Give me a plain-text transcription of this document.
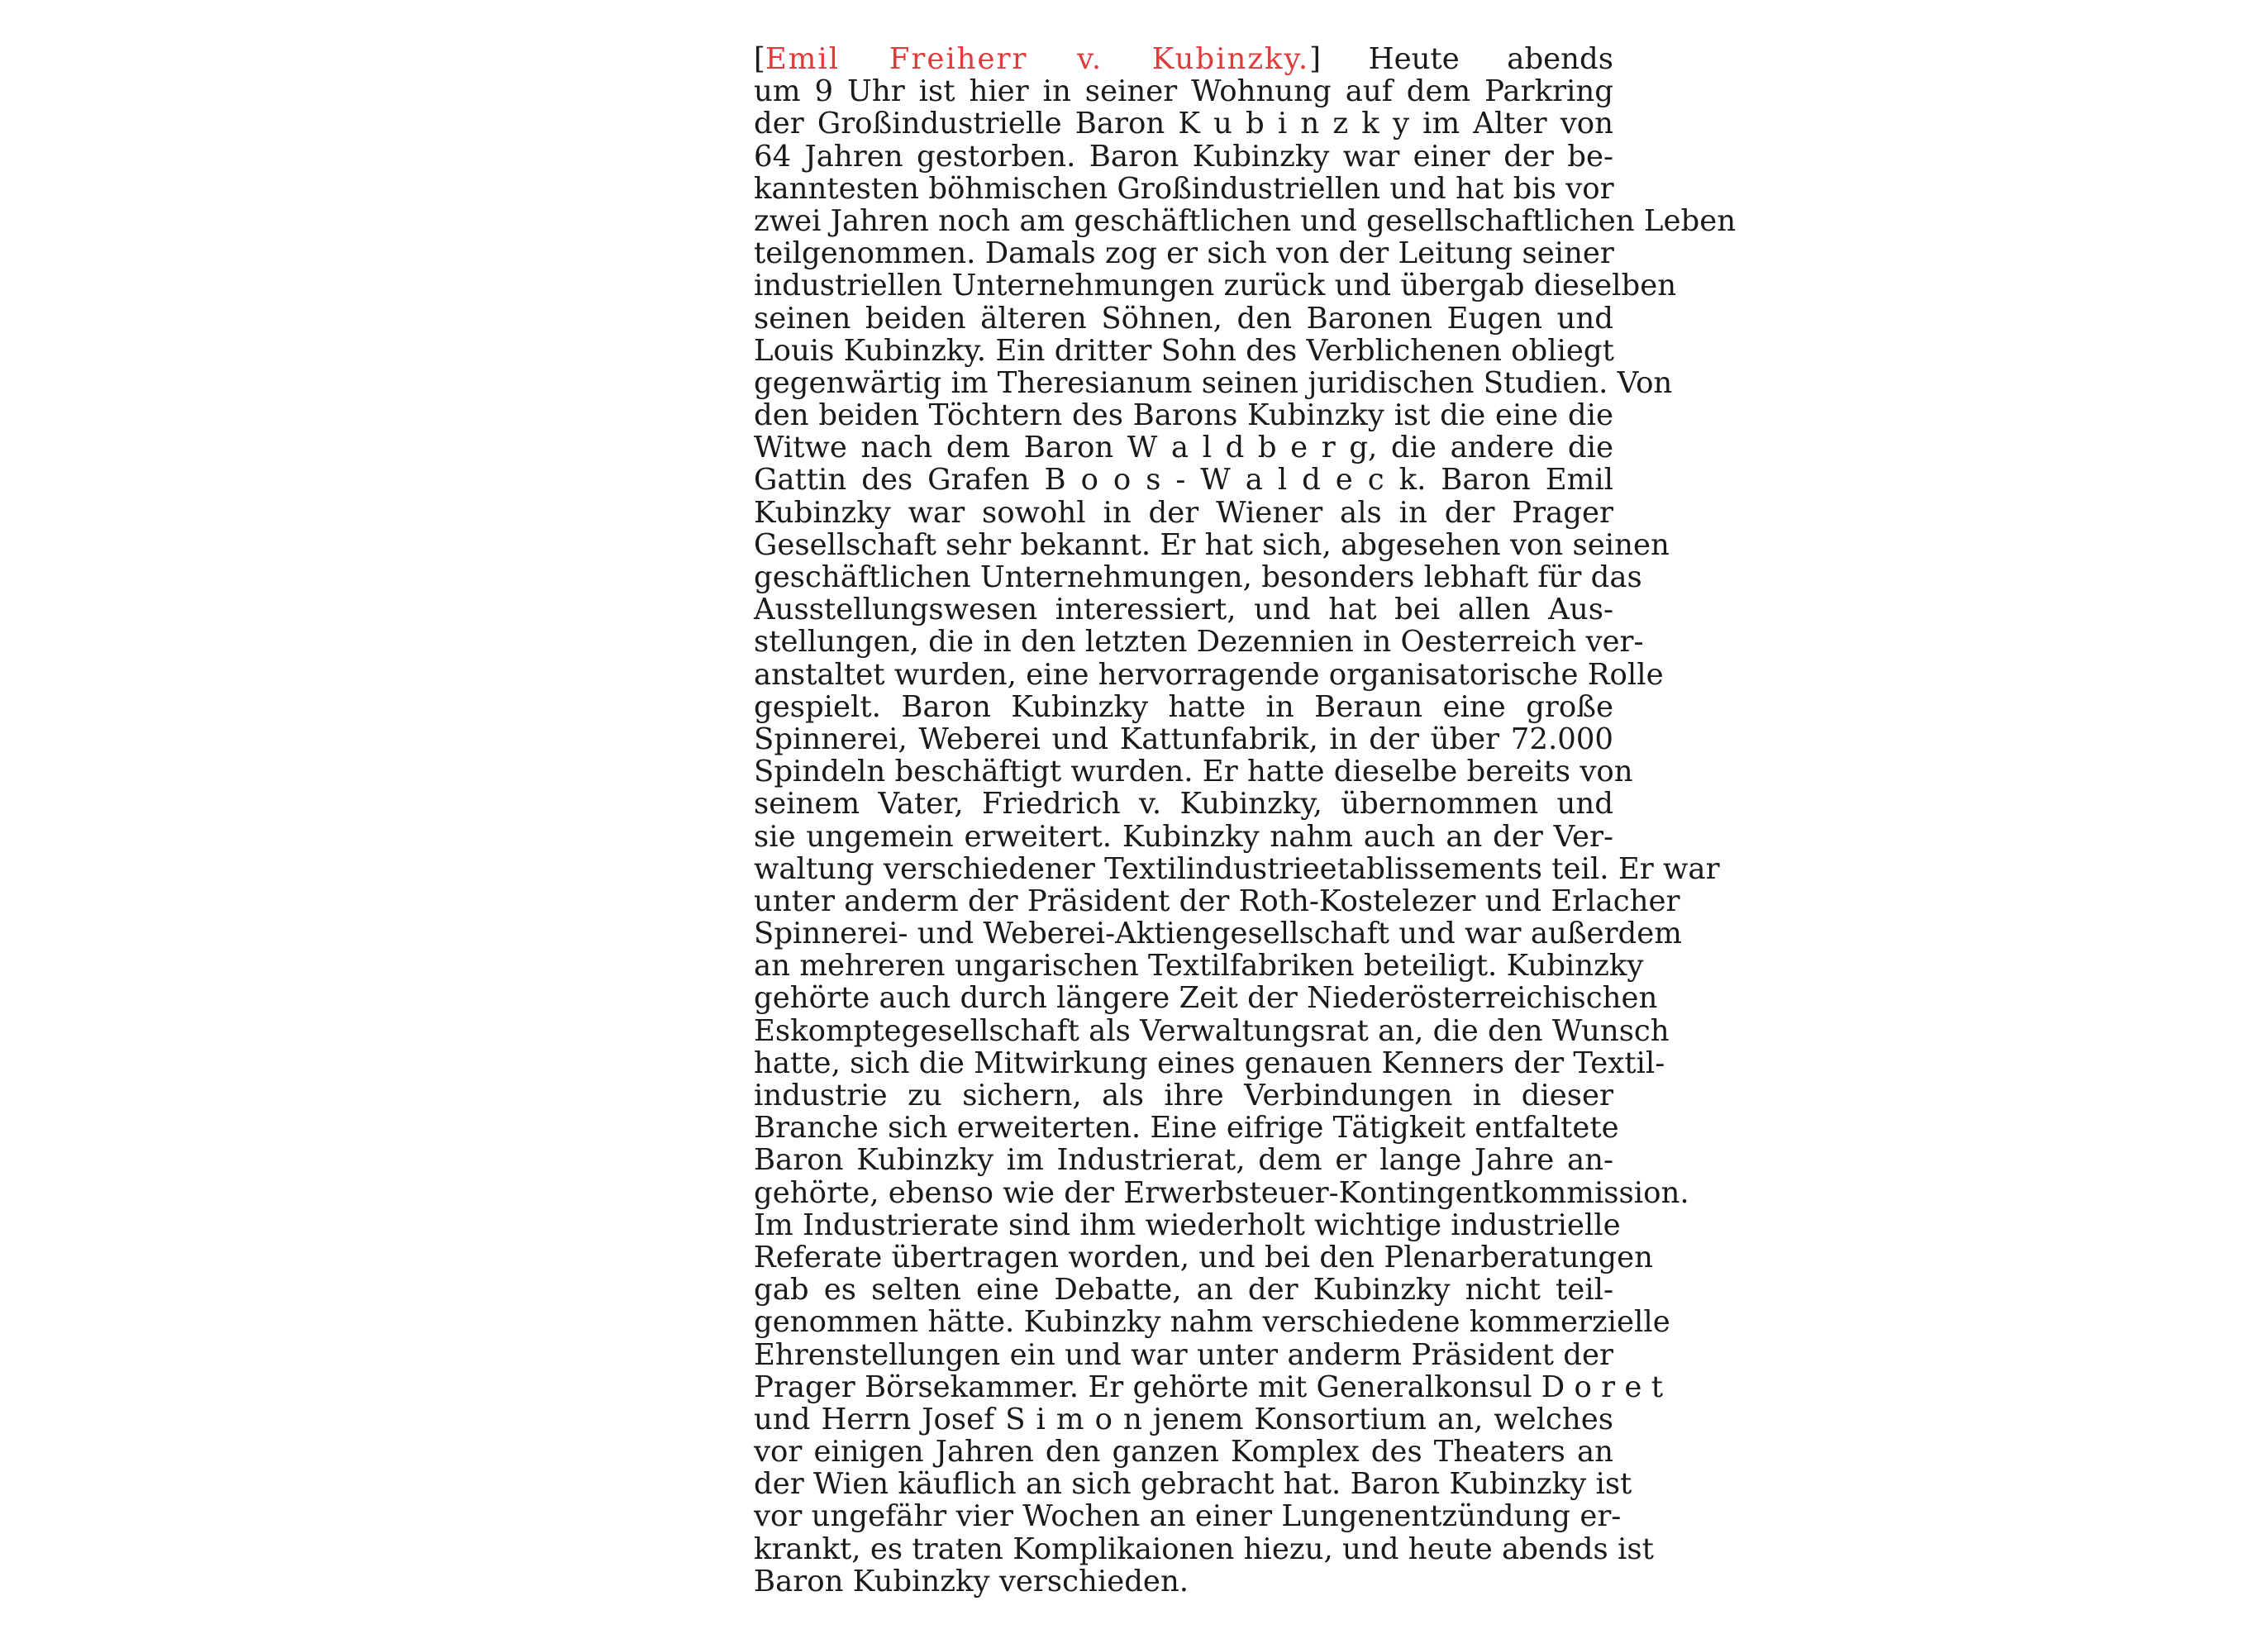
[Emil Freiherr v. Kubinzky.] Heute abends
um 9 Uhr ist hier in seiner Wohnung auf dem Parkring
der Großindustrielle Baron K u b i n z k y im Alter von
64 Jahren gestorben. Baron Kubinzky war einer der be-
kanntesten böhmischen Großindustriellen und hat bis vor
zwei Jahren noch am geschäftlichen und gesellschaftlichen Leben
teilgenommen. Damals zog er sich von der Leitung seiner
industriellen Unternehmungen zurück und übergab dieselben
seinen beiden älteren Söhnen, den Baronen Eugen und
Louis Kubinzky. Ein dritter Sohn des Verblichenen obliegt
gegenwärtig im Theresianum seinen juridischen Studien. Von
den beiden Töchtern des Barons Kubinzky ist die eine die
Witwe nach dem Baron W a l d b e r g, die andere die
Gattin des Grafen B o o s - W a l d e c k. Baron Emil
Kubinzky war sowohl in der Wiener als in der Prager
Gesellschaft sehr bekannt. Er hat sich, abgesehen von seinen
geschäftlichen Unternehmungen, besonders lebhaft für das
Ausstellungswesen interessiert, und hat bei allen Aus-
stellungen, die in den letzten Dezennien in Oesterreich ver-
anstaltet wurden, eine hervorragende organisatorische Rolle
gespielt. Baron Kubinzky hatte in Beraun eine große
Spinnerei, Weberei und Kattunfabrik, in der über 72.000
Spindeln beschäftigt wurden. Er hatte dieselbe bereits von
seinem Vater, Friedrich v. Kubinzky, übernommen und
sie ungemein erweitert. Kubinzky nahm auch an der Ver-
waltung verschiedener Textilindustrieetablissements teil. Er war
unter anderm der Präsident der Roth-Kostelezer und Erlacher
Spinnerei- und Weberei-Aktiengesellschaft und war außerdem
an mehreren ungarischen Textilfabriken beteiligt. Kubinzky
gehörte auch durch längere Zeit der Niederösterreichischen
Eskomptegesellschaft als Verwaltungsrat an, die den Wunsch
hatte, sich die Mitwirkung eines genauen Kenners der Textil-
industrie zu sichern, als ihre Verbindungen in dieser
Branche sich erweiterten. Eine eifrige Tätigkeit entfaltete
Baron Kubinzky im Industrierat, dem er lange Jahre an-
gehörte, ebenso wie der Erwerbsteuer-Kontingentkommission.
Im Industrierate sind ihm wiederholt wichtige industrielle
Referate übertragen worden, und bei den Plenarberatungen
gab es selten eine Debatte, an der Kubinzky nicht teil-
genommen hätte. Kubinzky nahm verschiedene kommerzielle
Ehrenstellungen ein und war unter anderm Präsident der
Prager Börsekammer. Er gehörte mit Generalkonsul D o r e t
und Herrn Josef S i m o n jenem Konsortium an, welches
vor einigen Jahren den ganzen Komplex des Theaters an
der Wien käuflich an sich gebracht hat. Baron Kubinzky ist
vor ungefähr vier Wochen an einer Lungenentzündung er-
krankt, es traten Komplikaionen hiezu, und heute abends ist
Baron Kubinzky verschieden.
